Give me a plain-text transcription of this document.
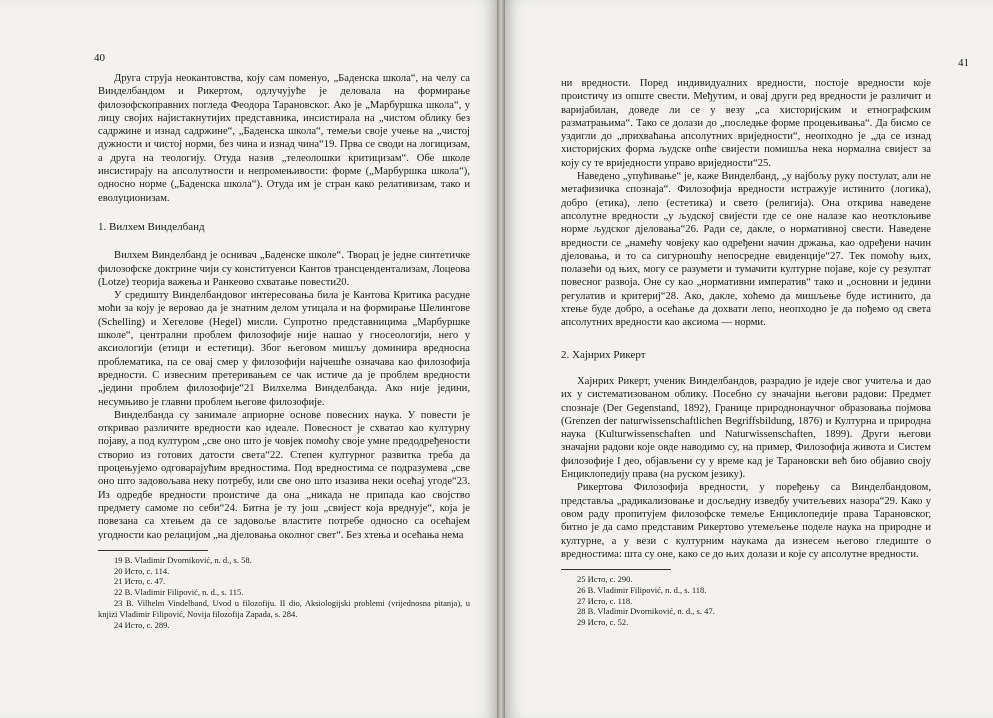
40

Друга струја неокантовства, коју сам поменуо, „Баденска школа“, на челу са Винделбандом и Рикертом, одлучујуће је деловала на формирање филозофскоправних погледа Феодора Тарановског. Ако је „Марбуршка школа“, у лицу својих најистакнутијих представника, инсистирала на „чистом облику без садржине и изнад садржине“, „Баденска школа“, темељи своје учење на „чистој дужности и чистој норми, без чина и изнад чина“19. Прва се своди на логицизам, а друга на теологију. Отуда назив „телеолошки критицизам“. Обе школе инсистирају на апсолутности и непромењивости: форме („Марбуршка школа“), односно норме („Баденска школа“). Отуда им је стран како релативизам, тако и еволуционизам.

1. Вилхем Винделбанд

Вилхем Винделбанд је оснивач „Баденске школе“. Творац је једне синтетичке филозофске доктрине чији су конституенси Кантов трансцендентализам, Лоцеова (Lotze) теорија важења и Ранкеово схватање повести20.

У средишту Винделбандовог интересовања била је Кантова Критика расудне моћи за коју је веровао да је знатним делом утицала и на формирање Шелингове (Schelling) и Хегелове (Hegel) мисли. Супротно представницима „Марбуршке школе“, централни проблем филозофије није нашао у гносеологији, него у аксиологији (етици и естетици). Због његовом мишљу доминира вредносна проблематика, па се овај смер у филозофији најчешће означава као филозофија вредности. С извесним претеривањем се чак истиче да је проблем вредности „једини проблем филозофије“21 Вилхелма Винделбанда. Ако није једини, несумњиво је главни проблем његове филозофије.

Винделбанда су занимале априорне основе повесних наука. У повести је откривао различите вредности као идеале. Повесност је схватао као културну појаву, а под културом „све оно што је човјек помоћу своје умне предодређености створио из готових датости света“22. Степен културног развитка треба да процењујемо одговарајућим вредностима. Под вредностима се подразумева „све оно што задовољава неку потребу, или све оно што изазива неки осећај угоде“23. Из одредбе вредности проистиче да она „никада не припада као својство предмету самоме по себи“24. Битна је ту још „свијест која вреднује“, која је повезана са хтењем да се задовоље властите потребе односно са осећајем угодности као релацијом „на дјеловања околног свет“. Без хтења и осећања нема

19 B. Vladimir Dvorniković, n. d., s. 58.

20 Исто, с. 114.

21 Исто, с. 47.

22 B. Vladimir Filipović, n. d., s. 115.

23 B. Vilhelm Vindelband, Uvod u filozofiju. II dio, Aksiologijski problemi (vrijednosna pitanja), u knjizi Vladimir Filipović, Novija filozofija Zapada, s. 284.

24 Исто, с. 289.

41

ни вредности. Поред индивидуалних вредности, постоје вредности које проистичу из опште свести. Међутим, и овај други ред вредности је различит и варијабилан, доведе ли се у везу „са хисторијским и етнографским разматрањима“. Тако се долази до „последње форме процењивања“. Да бисмо се уздигли до „прихваћања апсолутних вриједности“, неопходно је „да се изнад хисторијских форма људске опће свијести помишља нека нормална свијест за коју су те вриједности управо вриједности“25.

Наведено „упућивање“ је, каже Винделбанд, „у најбољу руку постулат, али не метафизичка спознаја“. Филозофија вредности истражује истинито (логика), добро (етика), лепо (естетика) и свето (религија). Она открива наведене апсолутне вредности „у људској свијести где се оне налазе као неотклоњиве норме људског дјеловања“26. Ради се, дакле, о нормативној свести. Наведене вредности се „намећу човјеку као одређени начин држања, као одређени начин дјеловања, и то са сигурношћу непосредне евиденције“27. Тек помоћу њих, полазећи од њих, могу се разумети и тумачити културне појаве, које су резултат повесног развоја. Оне су као „нормативни императив“ тако и „основни и једини регулатив и критериј“28. Ако, дакле, хоћемо да мишљење буде истинито, да хтење буде добро, а осећање да дохвати лепо, неопходно је да пођемо од света апсолутних вредности као аксиома — норми.

2. Хајнрих Рикерт

Хајнрих Рикерт, ученик Винделбандов, разрадио је идеје свог учитеља и дао их у систематизованом облику. Посебно су значајни његови радови: Предмет спознаје (Der Gegenstand, 1892), Границе природнонаучног образовања појмова (Grenzen der naturwissenschaftlichen Begriffsbildung, 1876) и Културна и природна наука (Kulturwissenschaften und Naturwissenschaften, 1899). Други његови значајни радови које овде наводимо су, на пример, Филозофија живота и Систем филозофије I део, објављени су у време кад је Тарановски већ био објавио своју Енциклопедију права (на руском језику).

Рикертова Филозофија вредности, у поређењу са Винделбандовом, представља „радикализовање и досљедну изведбу учитељевих назора“29. Како у овом раду пропитујем филозофске темеље Енциклопедије права Тарановског, битно је да само представим Рикертово утемељење поделе наука на природне и културне, а у вези с културним наукама да изнесем његово гледиште о вредностима: шта су оне, како се до њих долази и које су апсолутне вредности.

25 Исто, с. 290.

26 B. Vladimir Filipović, n. d., s. 118.

27 Исто, с. 118.

28 B. Vladimir Dvorniković, n. d., s. 47.

29 Исто, с. 52.
